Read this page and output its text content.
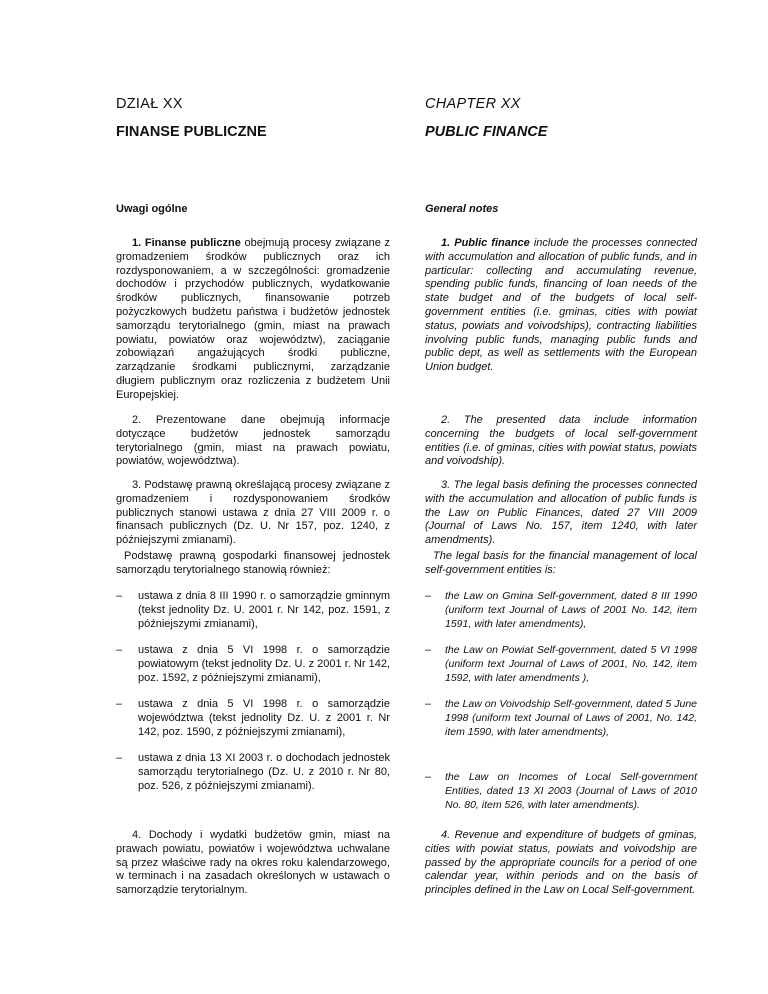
DZIAŁ XX
FINANSE PUBLICZNE
Uwagi ogólne
1. Finanse publiczne obejmują procesy związane z gromadzeniem środków publicznych oraz ich rozdysponowaniem, a w szczególności: gromadzenie dochodów i przychodów publicznych, wydatkowanie środków publicznych, finansowanie potrzeb pożyczkowych budżetu państwa i budżetów jednostek samorządu terytorialnego (gmin, miast na prawach powiatu, powiatów oraz województw), zaciąganie zobowiązań angażujących środki publiczne, zarządzanie środkami publicznymi, zarządzanie długiem publicznym oraz rozliczenia z budżetem Unii Europejskiej.
2. Prezentowane dane obejmują informacje dotyczące budżetów jednostek samorządu terytorialnego (gmin, miast na prawach powiatu, powiatów, województwa).
3. Podstawę prawną określającą procesy związane z gromadzeniem i rozdysponowaniem środków publicznych stanowi ustawa z dnia 27 VIII 2009 r. o finansach publicznych (Dz. U. Nr 157, poz. 1240, z późniejszymi zmianami).
Podstawę prawną gospodarki finansowej jednostek samorządu terytorialnego stanowią również:
–	ustawa z dnia 8 III 1990 r. o samorządzie gminnym (tekst jednolity Dz. U. 2001 r. Nr 142, poz. 1591, z późniejszymi zmianami),
–	ustawa z dnia 5 VI 1998 r. o samorządzie powiatowym (tekst jednolity Dz. U. z 2001 r. Nr 142, poz. 1592, z późniejszymi zmianami),
–	ustawa z dnia 5 VI 1998 r. o samorządzie województwa (tekst jednolity Dz. U. z 2001 r. Nr 142, poz. 1590, z późniejszymi zmianami),
–	ustawa z dnia 13 XI 2003 r. o dochodach jednostek samorządu terytorialnego (Dz. U. z 2010 r. Nr 80, poz. 526, z późniejszymi zmianami).
4. Dochody i wydatki budżetów gmin, miast na prawach powiatu, powiatów i województwa uchwalane są przez właściwe rady na okres roku kalendarzowego, w terminach i na zasadach określonych w ustawach o samorządzie terytorialnym.
CHAPTER XX
PUBLIC FINANCE
General notes
1. Public finance include the processes connected with accumulation and allocation of public funds, and in particular: collecting and accumulating revenue, spending public funds, financing of loan needs of the state budget and of the budgets of local self-government entities (i.e. gminas, cities with powiat status, powiats and voivodships), contracting liabilities involving public funds, managing public funds and public dept, as well as settlements with the European Union budget.
2. The presented data include information concerning the budgets of local self-government entities (i.e. of gminas, cities with powiat status, powiats and voivodship).
3. The legal basis defining the processes connected with the accumulation and allocation of public funds is the Law on Public Finances, dated 27 VIII 2009 (Journal of Laws No. 157, item 1240, with later amendments).
The legal basis for the financial management of local self-government entities is:
–	the Law on Gmina Self-government, dated 8 III 1990 (uniform text Journal of Laws of 2001 No. 142, item 1591, with later amendments),
–	the Law on Powiat Self-government, dated 5 VI 1998 (uniform text Journal of Laws of 2001, No. 142, item 1592, with later amendments ),
–	the Law on Voivodship Self-government, dated 5 June 1998 (uniform text Journal of Laws of 2001, No. 142, item 1590, with later amendments),
–	the Law on Incomes of Local Self-government Entities, dated 13 XI 2003 (Journal of Laws of 2010 No. 80, item 526, with later amendments).
4. Revenue and expenditure of budgets of gminas, cities with powiat status, powiats and voivodship are passed by the appropriate councils for a period of one calendar year, within periods and on the basis of principles defined in the Law on Local Self-government.
